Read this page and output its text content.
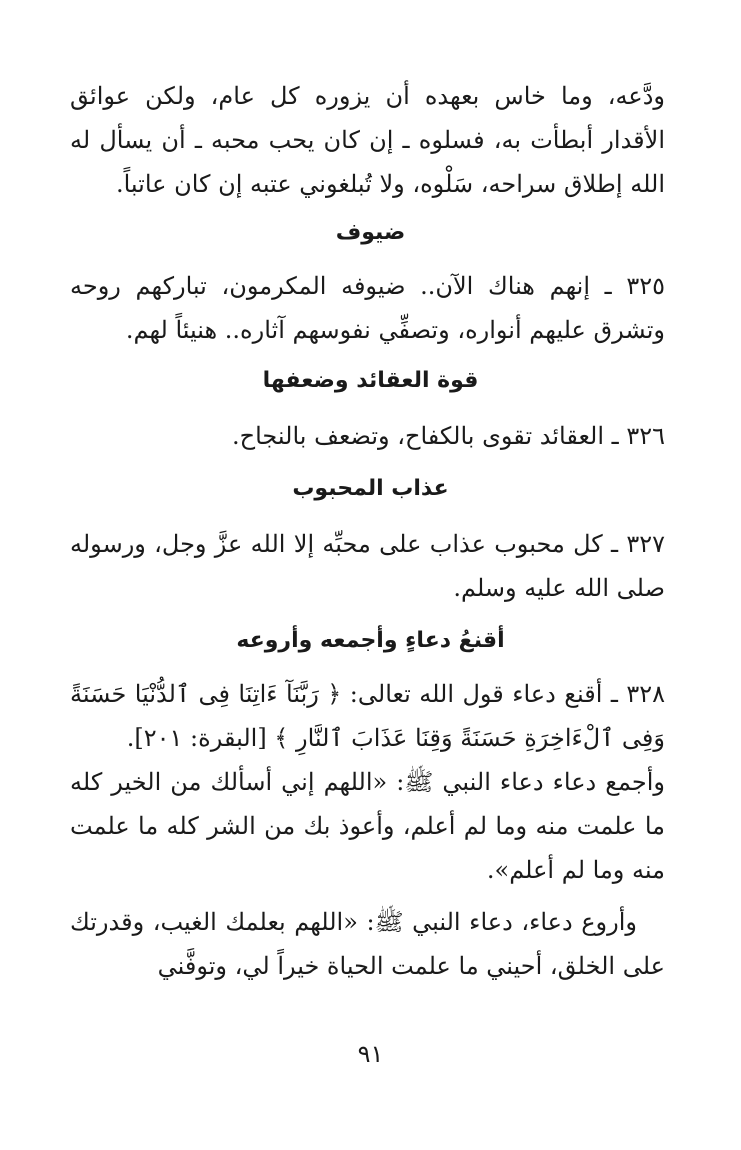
ودَّعه، وما خاس بعهده أن يزوره كل عام، ولكن عوائق الأقدار أبطأت به، فسلوه ـ إن كان يحب محبه ـ أن يسأل له الله إطلاق سراحه، سَلْوه، ولا تُبلغوني عتبه إن كان عاتباً.

ضيوف

٣٢٥ ـ إنهم هناك الآن.. ضيوفه المكرمون، تباركهم روحه وتشرق عليهم أنواره، وتصفِّي نفوسهم آثاره.. هنيئاً لهم.

قوة العقائد وضعفها

٣٢٦ ـ العقائد تقوى بالكفاح، وتضعف بالنجاح.

عذاب المحبوب

٣٢٧ ـ كل محبوب عذاب على محبِّه إلا الله عزَّ وجل، ورسوله صلى الله عليه وسلم.

أقنعُ دعاءٍ وأجمعه وأروعه

٣٢٨ ـ أقنع دعاء قول الله تعالى: ﴿ رَبَّنَآ ءَاتِنَا فِى ٱلدُّنْيَا حَسَنَةً وَفِى ٱلْءَاخِرَةِ حَسَنَةً وَقِنَا عَذَابَ ٱلنَّارِ ﴾ [البقرة: ٢٠١].

وأجمع دعاء دعاء النبي ﷺ: «اللهم إني أسألك من الخير كله ما علمت منه وما لم أعلم، وأعوذ بك من الشر كله ما علمت منه وما لم أعلم».

وأروع دعاء، دعاء النبي ﷺ: «اللهم بعلمك الغيب، وقدرتك على الخلق، أحيني ما علمت الحياة خيراً لي، وتوفَّني

٩١
